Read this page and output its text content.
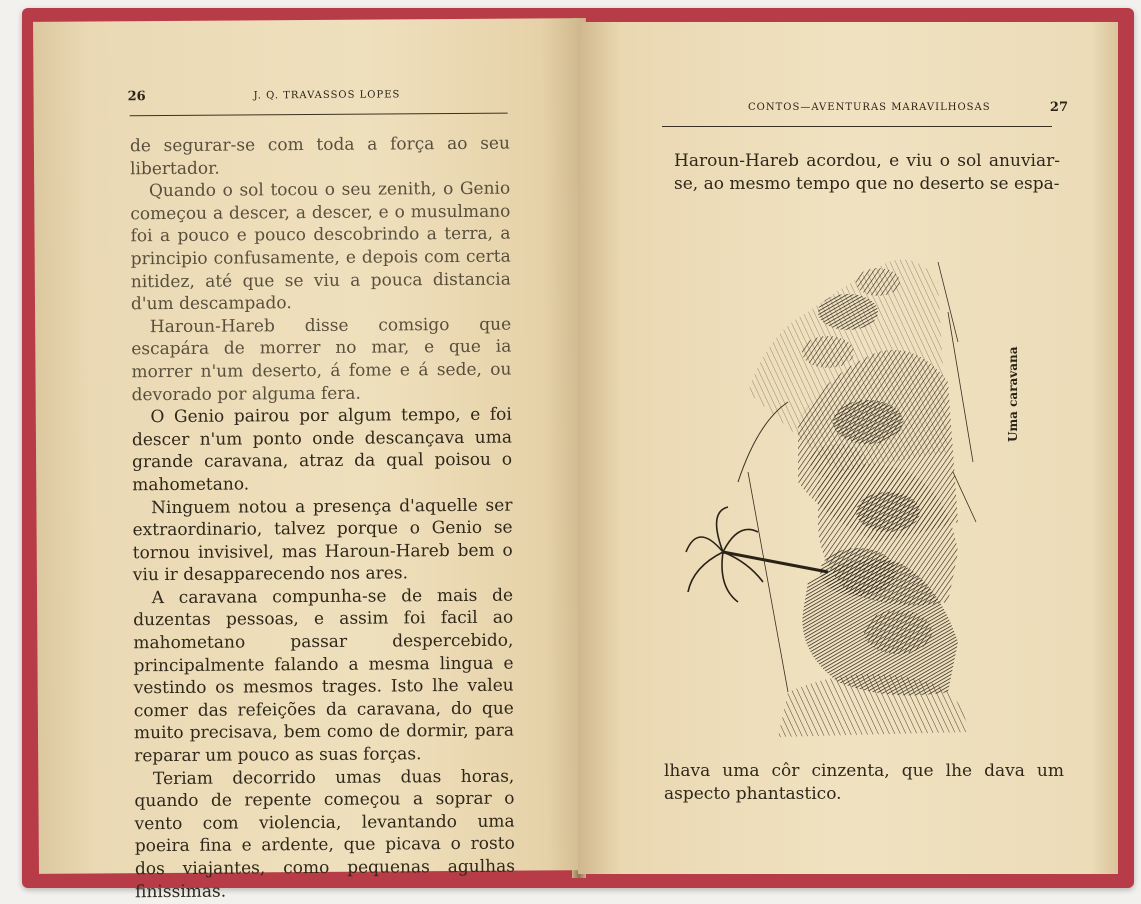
26	J. Q. TRAVASSOS LOPES

de segurar-se com toda a força ao seu libertador.

Quando o sol tocou o seu zenith, o Genio começou a descer, a descer, e o musulmano foi a pouco e pouco descobrindo a terra, a principio confusamente, e depois com certa nitidez, até que se viu a pouca distancia d'um descampado.

Haroun-Hareb disse comsigo que escapára de morrer no mar, e que ia morrer n'um deserto, á fome e á sede, ou devorado por alguma fera.

O Genio pairou por algum tempo, e foi descer n'um ponto onde descançava uma grande caravana, atraz da qual poisou o mahometano.

Ninguem notou a presença d'aquelle ser extraordinario, talvez porque o Genio se tornou invisivel, mas Haroun-Hareb bem o viu ir desapparecendo nos ares.

A caravana compunha-se de mais de duzentas pessoas, e assim foi facil ao mahometano passar despercebido, principalmente falando a mesma lingua e vestindo os mesmos trages. Isto lhe valeu comer das refeições da caravana, do que muito precisava, bem como de dormir, para reparar um pouco as suas forças.

Teriam decorrido umas duas horas, quando de repente começou a soprar o vento com violencia, levantando uma poeira fina e ardente, que picava o rosto dos viajantes, como pequenas agulhas finissimas.

CONTOS—AVENTURAS MARAVILHOSAS	27

Haroun-Hareb acordou, e viu o sol anuviar-se, ao mesmo tempo que no deserto se espa-

Uma caravana

lhava uma côr cinzenta, que lhe dava um aspecto phantastico.
